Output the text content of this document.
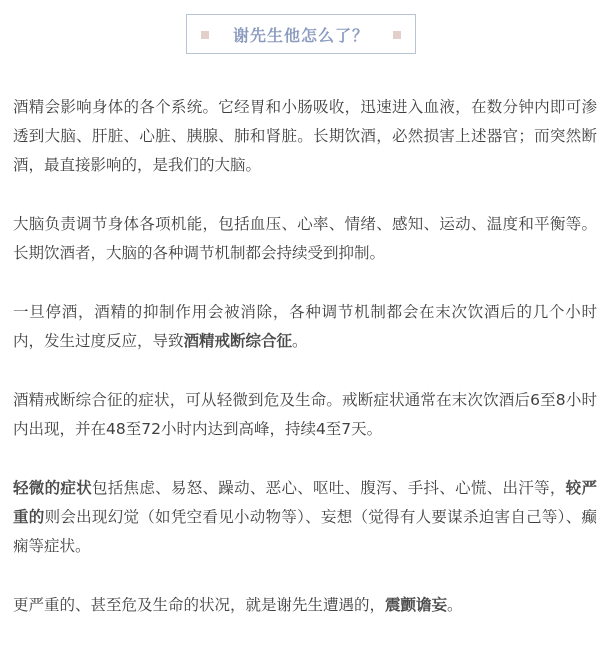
谢先生他怎么了？

酒精会影响身体的各个系统。它经胃和小肠吸收，迅速进入血液，在数分钟内即可渗透到大脑、肝脏、心脏、胰腺、肺和肾脏。长期饮酒，必然损害上述器官；而突然断酒，最直接影响的，是我们的大脑。

大脑负责调节身体各项机能，包括血压、心率、情绪、感知、运动、温度和平衡等。长期饮酒者，大脑的各种调节机制都会持续受到抑制。

一旦停酒，酒精的抑制作用会被消除，各种调节机制都会在末次饮酒后的几个小时内，发生过度反应，导致酒精戒断综合征。

酒精戒断综合征的症状，可从轻微到危及生命。戒断症状通常在末次饮酒后6至8小时内出现，并在48至72小时内达到高峰，持续4至7天。

轻微的症状包括焦虑、易怒、躁动、恶心、呕吐、腹泻、手抖、心慌、出汗等，较严重的则会出现幻觉（如凭空看见小动物等）、妄想（觉得有人要谋杀迫害自己等）、癫痫等症状。

更严重的、甚至危及生命的状况，就是谢先生遭遇的，震颤谵妄。
